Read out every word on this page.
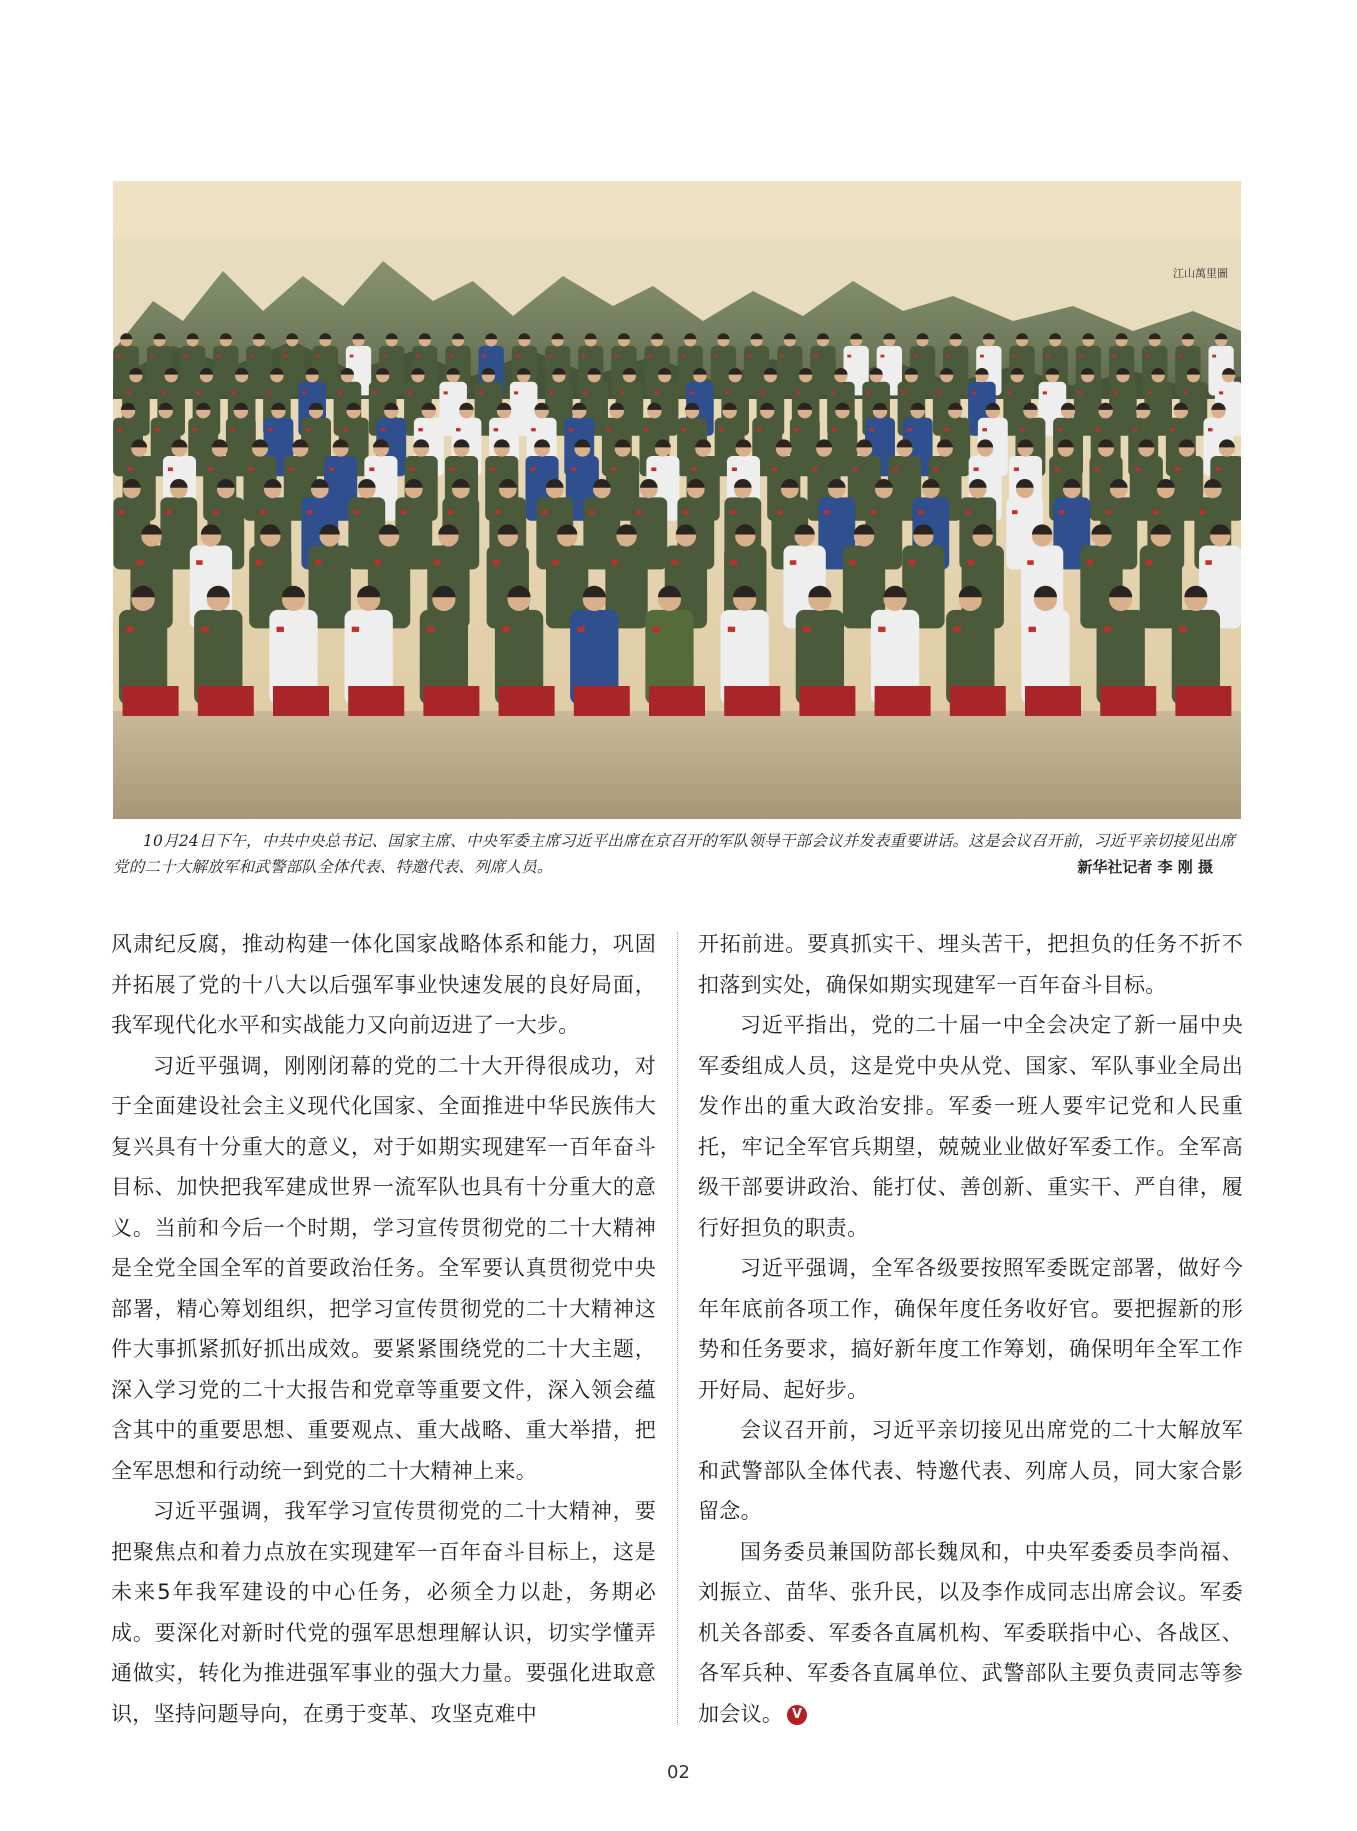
江山萬里圖
10月24日下午，中共中央总书记、国家主席、中央军委主席习近平出席在京召开的军队领导干部会议并发表重要讲话。这是会议召开前，习近平亲切接见出席党的二十大解放军和武警部队全体代表、特邀代表、列席人员。	新华社记者 李 刚 摄

风肃纪反腐，推动构建一体化国家战略体系和能力，巩固并拓展了党的十八大以后强军事业快速发展的良好局面，我军现代化水平和实战能力又向前迈进了一大步。

习近平强调，刚刚闭幕的党的二十大开得很成功，对于全面建设社会主义现代化国家、全面推进中华民族伟大复兴具有十分重大的意义，对于如期实现建军一百年奋斗目标、加快把我军建成世界一流军队也具有十分重大的意义。当前和今后一个时期，学习宣传贯彻党的二十大精神是全党全国全军的首要政治任务。全军要认真贯彻党中央部署，精心筹划组织，把学习宣传贯彻党的二十大精神这件大事抓紧抓好抓出成效。要紧紧围绕党的二十大主题，深入学习党的二十大报告和党章等重要文件，深入领会蕴含其中的重要思想、重要观点、重大战略、重大举措，把全军思想和行动统一到党的二十大精神上来。

习近平强调，我军学习宣传贯彻党的二十大精神，要把聚焦点和着力点放在实现建军一百年奋斗目标上，这是未来5年我军建设的中心任务，必须全力以赴，务期必成。要深化对新时代党的强军思想理解认识，切实学懂弄通做实，转化为推进强军事业的强大力量。要强化进取意识，坚持问题导向，在勇于变革、攻坚克难中

开拓前进。要真抓实干、埋头苦干，把担负的任务不折不扣落到实处，确保如期实现建军一百年奋斗目标。

习近平指出，党的二十届一中全会决定了新一届中央军委组成人员，这是党中央从党、国家、军队事业全局出发作出的重大政治安排。军委一班人要牢记党和人民重托，牢记全军官兵期望，兢兢业业做好军委工作。全军高级干部要讲政治、能打仗、善创新、重实干、严自律，履行好担负的职责。

习近平强调，全军各级要按照军委既定部署，做好今年年底前各项工作，确保年度任务收好官。要把握新的形势和任务要求，搞好新年度工作筹划，确保明年全军工作开好局、起好步。

会议召开前，习近平亲切接见出席党的二十大解放军和武警部队全体代表、特邀代表、列席人员，同大家合影留念。

国务委员兼国防部长魏凤和，中央军委委员李尚福、刘振立、苗华、张升民，以及李作成同志出席会议。军委机关各部委、军委各直属机构、军委联指中心、各战区、各军兵种、军委各直属单位、武警部队主要负责同志等参加会议。 V

02
